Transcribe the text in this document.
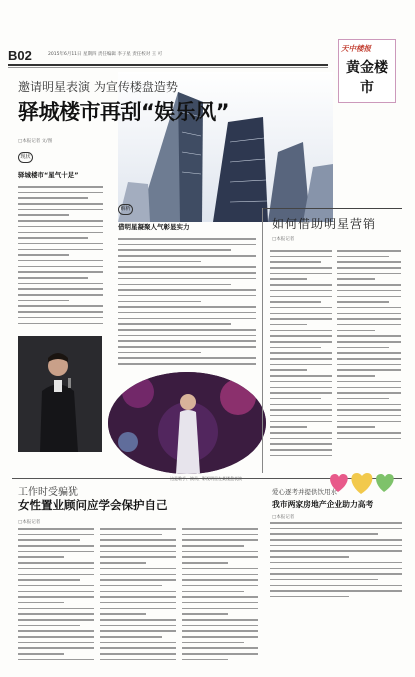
B02	2015年6月11日 星期四 责任编辑 李子星 责任校对 王 可
天中楼报
黄金楼市
邀请明星表演 为宣传楼盘造势
驿城楼市再刮“娱乐风”
□本报记者 文/图
现状
驿城楼市“星气十足”
解析
借明星凝聚人气彰显实力	如何借助明星营销
□本报记者
工作时受骗犹
女性置业顾问应学会保护自己
□本报记者
爱心逐考并提供饮用水
我市两家房地产企业助力高考
□本报记者
